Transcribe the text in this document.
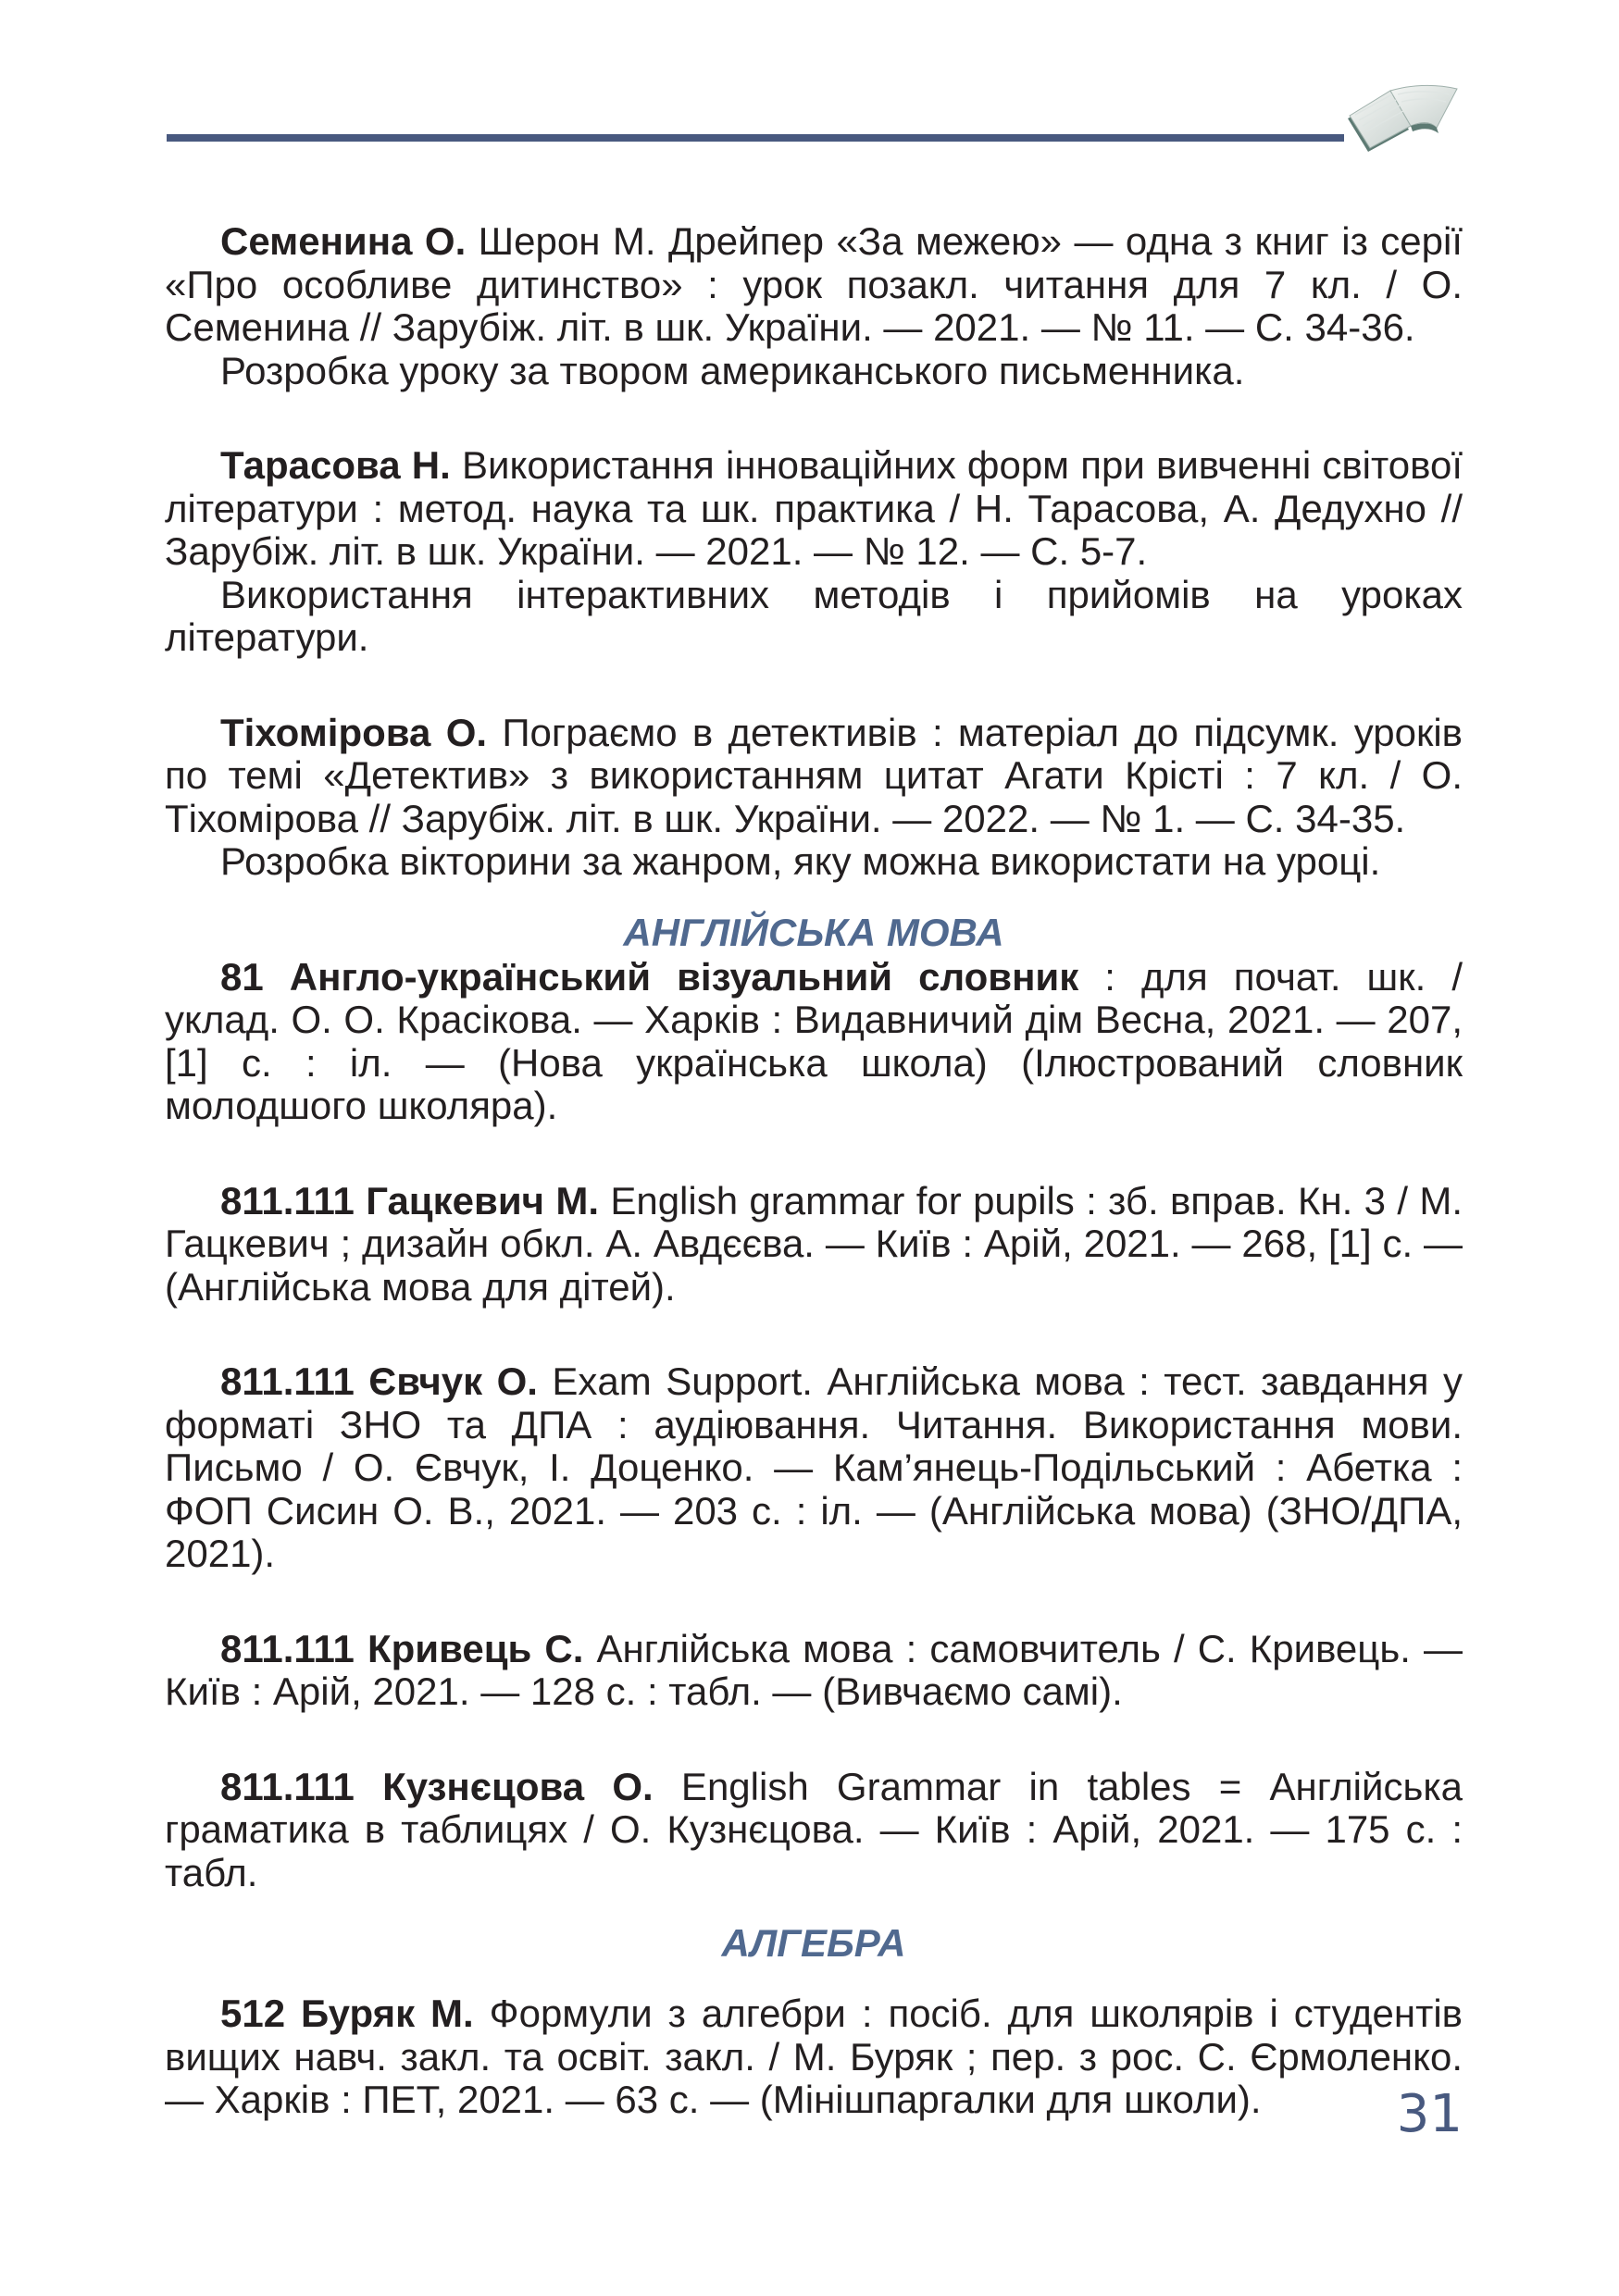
Семенина О. Шерон М. Дрейпер «За межею» — одна з книг із серії «Про особливе дитинство» : урок позакл. читання для 7 кл. / О. Семенина // Зарубіж. літ. в шк. України. — 2021. — № 11. — С. 34-36.

Розробка уроку за твором американського письменника.

Тарасова Н. Використання інноваційних форм при вивченні світової літератури : метод. наука та шк. практика / Н. Тарасова, А. Дедухно // Зарубіж. літ. в шк. України. — 2021. — № 12. — С. 5-7.

Використання інтерактивних методів і прийомів на уроках літератури.

Тіхомірова О. Пограємо в детективів : матеріал до підсумк. уроків по темі «Детектив» з використанням цитат Агати Крісті : 7 кл. / О. Тіхомірова // Зарубіж. літ. в шк. України. — 2022. — № 1. — С. 34-35.

Розробка вікторини за жанром, яку можна використати на уроці.

АНГЛІЙСЬКА МОВА

81 Англо-український візуальний словник : для почат. шк. / уклад. О. О. Красікова. — Харків : Видавничий дім Весна, 2021. — 207, [1] с. : іл. — (Нова українська школа) (Ілюстрований словник молодшого школяра).

811.111 Гацкевич М. English grammar for pupils : зб. вправ. Кн. 3 / М. Гацкевич ; дизайн обкл. А. Авдєєва. — Київ : Арій, 2021. — 268, [1] с. — (Англійська мова для дітей).

811.111 Євчук О. Exam Support. Англійська мова : тест. завдання у форматі ЗНО та ДПА : аудіювання. Читання. Використання мови. Письмо / О. Євчук, І. Доценко. — Кам’янець-Подільський : Абетка : ФОП Сисин О. В., 2021. — 203 с. : іл. — (Англійська мова) (ЗНО/ДПА, 2021).

811.111 Кривець С. Англійська мова : самовчитель / С. Кривець. — Київ : Арій, 2021. — 128 с. : табл. — (Вивчаємо самі).

811.111 Кузнєцова О. English Grammar in tables = Англійська граматика в таблицях / О. Кузнєцова. — Київ : Арій, 2021. — 175 с. : табл.

АЛГЕБРА

512 Буряк М. Формули з алгебри : посіб. для школярів і студентів вищих навч. закл. та освіт. закл. / М. Буряк ; пер. з рос. С. Єрмоленко. — Харків : ПЕТ, 2021. — 63 с. — (Мінішпаргалки для школи).	31
